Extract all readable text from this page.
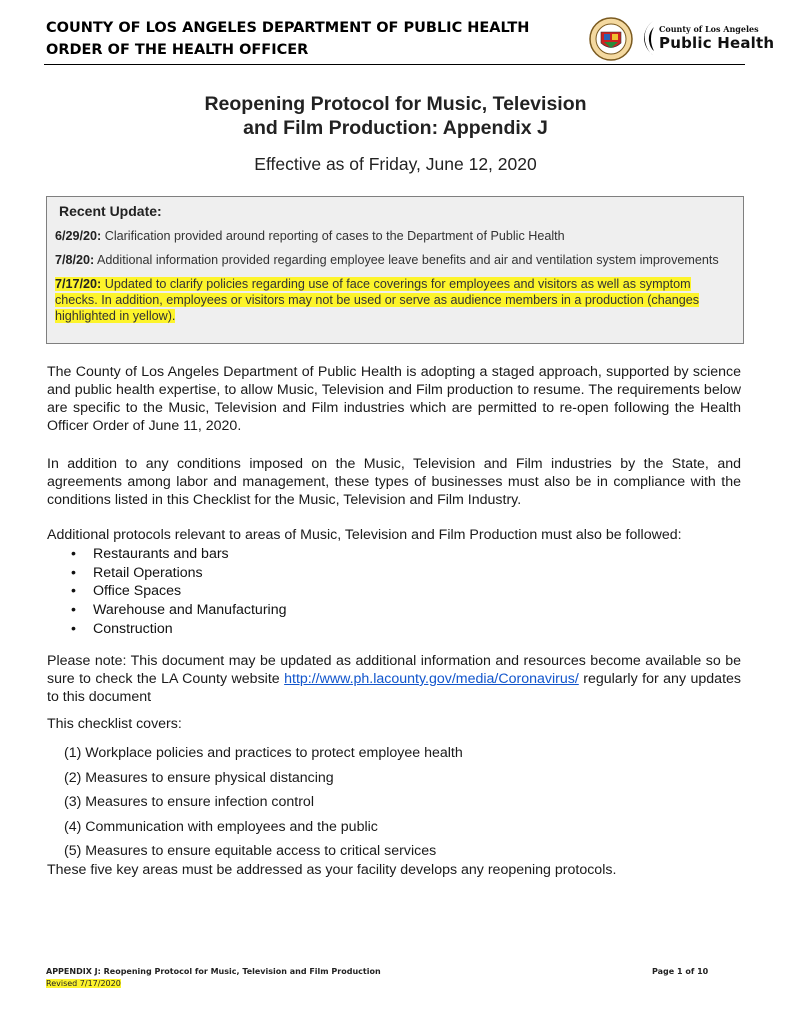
COUNTY OF LOS ANGELES DEPARTMENT OF PUBLIC HEALTH
ORDER OF THE HEALTH OFFICER
County of Los Angeles
Public Health
Reopening Protocol for Music, Television
and Film Production: Appendix J
Effective as of Friday, June 12, 2020
Recent Update:
6/29/20: Clarification provided around reporting of cases to the Department of Public Health
7/8/20: Additional information provided regarding employee leave benefits and air and ventilation system improvements
7/17/20: Updated to clarify policies regarding use of face coverings for employees and visitors as well as symptom checks. In addition, employees or visitors may not be used or serve as audience members in a production (changes highlighted in yellow).
The County of Los Angeles Department of Public Health is adopting a staged approach, supported by science and public health expertise, to allow Music, Television and Film production to resume. The requirements below are specific to the Music, Television and Film industries which are permitted to re-open following the Health Officer Order of June 11, 2020.
In addition to any conditions imposed on the Music, Television and Film industries by the State, and agreements among labor and management, these types of businesses must also be in compliance with the conditions listed in this Checklist for the Music, Television and Film Industry.
Additional protocols relevant to areas of Music, Television and Film Production must also be followed:
• Restaurants and bars
• Retail Operations
• Office Spaces
• Warehouse and Manufacturing
• Construction
Please note: This document may be updated as additional information and resources become available so be sure to check the LA County website http://www.ph.lacounty.gov/media/Coronavirus/ regularly for any updates to this document
This checklist covers:
(1) Workplace policies and practices to protect employee health
(2) Measures to ensure physical distancing
(3) Measures to ensure infection control
(4) Communication with employees and the public
(5) Measures to ensure equitable access to critical services
These five key areas must be addressed as your facility develops any reopening protocols.
APPENDIX J: Reopening Protocol for Music, Television and Film Production
Revised 7/17/2020
Page 1 of 10
